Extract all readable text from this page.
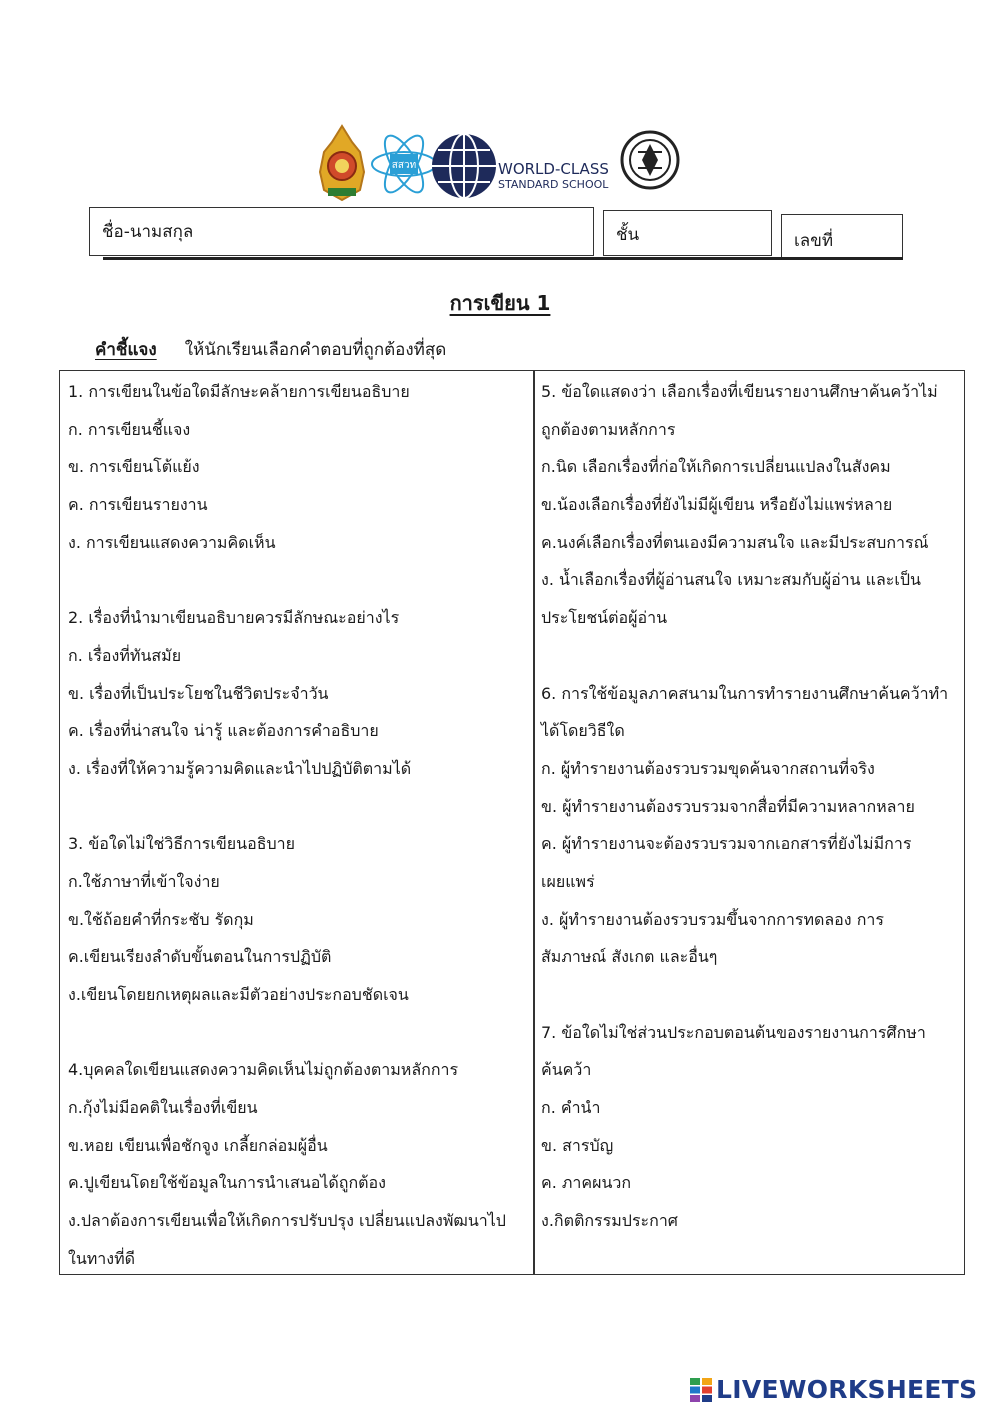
สสวท	WORLD-CLASS
STANDARD SCHOOL
ชื่อ-นามสกุล	ชั้น	เลขที่
การเขียน 1
คำชี้แจง ให้นักเรียนเลือกคำตอบที่ถูกต้องที่สุด
1. การเขียนในข้อใดมีลักษะคล้ายการเขียนอธิบาย
ก. การเขียนชี้แจง
ข. การเขียนโต้แย้ง
ค. การเขียนรายงาน
ง. การเขียนแสดงความคิดเห็น
2. เรื่องที่นำมาเขียนอธิบายควรมีลักษณะอย่างไร
ก. เรื่องที่ทันสมัย
ข. เรื่องที่เป็นประโยชในชีวิตประจำวัน
ค. เรื่องที่น่าสนใจ น่ารู้ และต้องการคำอธิบาย
ง. เรื่องที่ให้ความรู้ความคิดและนำไปปฏิบัติตามได้
3. ข้อใดไม่ใช่วิธีการเขียนอธิบาย
ก.ใช้ภาษาที่เข้าใจง่าย
ข.ใช้ถ้อยคำที่กระชับ รัดกุม
ค.เขียนเรียงลำดับขั้นตอนในการปฏิบัติ
ง.เขียนโดยยกเหตุผลและมีตัวอย่างประกอบชัดเจน
4.บุคคลใดเขียนแสดงความคิดเห็นไม่ถูกต้องตามหลักการ
ก.กุ้งไม่มีอคติในเรื่องที่เขียน
ข.หอย เขียนเพื่อชักจูง เกลี้ยกล่อมผู้อื่น
ค.ปูเขียนโดยใช้ข้อมูลในการนำเสนอได้ถูกต้อง
ง.ปลาต้องการเขียนเพื่อให้เกิดการปรับปรุง เปลี่ยนแปลงพัฒนาไป
ในทางที่ดี
5. ข้อใดแสดงว่า เลือกเรื่องที่เขียนรายงานศึกษาค้นคว้าไม่
ถูกต้องตามหลักการ
ก.นิด เลือกเรื่องที่ก่อให้เกิดการเปลี่ยนแปลงในสังคม
ข.น้องเลือกเรื่องที่ยังไม่มีผู้เขียน หรือยังไม่แพร่หลาย
ค.นงค์เลือกเรื่องที่ตนเองมีความสนใจ และมีประสบการณ์
ง. น้ำเลือกเรื่องที่ผู้อ่านสนใจ เหมาะสมกับผู้อ่าน และเป็น
ประโยชน์ต่อผู้อ่าน
6. การใช้ข้อมูลภาคสนามในการทำรายงานศึกษาค้นคว้าทำ
ได้โดยวิธีใด
ก. ผู้ทำรายงานต้องรวบรวมขุดค้นจากสถานที่จริง
ข. ผู้ทำรายงานต้องรวบรวมจากสื่อที่มีความหลากหลาย
ค. ผู้ทำรายงานจะต้องรวบรวมจากเอกสารที่ยังไม่มีการ
เผยแพร่
ง. ผู้ทำรายงานต้องรวบรวมขึ้นจากการทดลอง การ
สัมภาษณ์ สังเกต และอื่นๆ
7. ข้อใดไม่ใช่ส่วนประกอบตอนต้นของรายงานการศึกษา
ค้นคว้า
ก. คำนำ
ข. สารบัญ
ค. ภาคผนวก
ง.กิตติกรรมประกาศ
LIVEWORKSHEETS
